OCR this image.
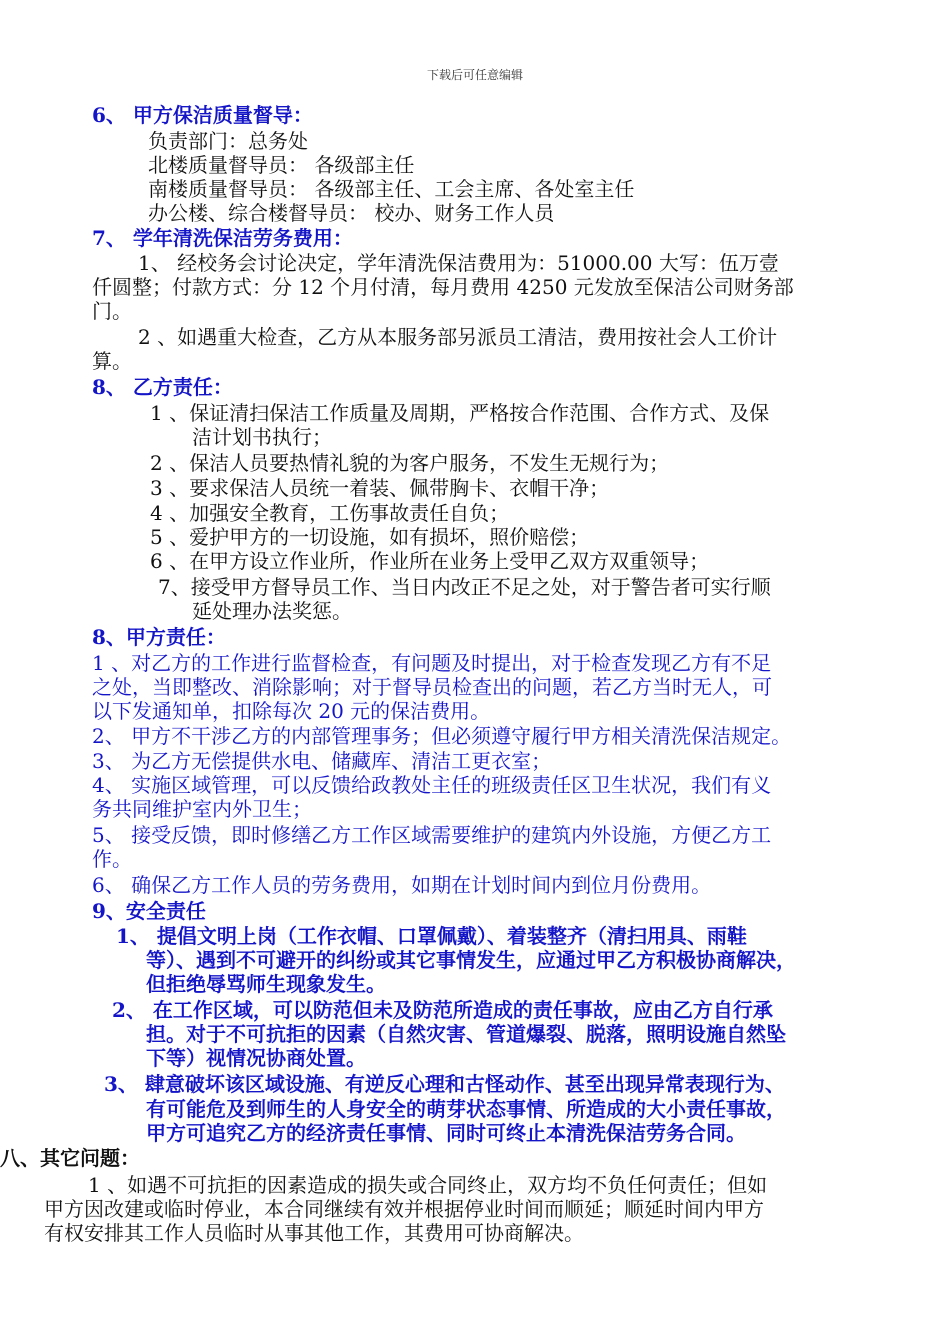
下载后可任意编辑
6、 甲方保洁质量督导：
负责部门：总务处
北楼质量督导员： 各级部主任
南楼质量督导员： 各级部主任、工会主席、各处室主任
办公楼、综合楼督导员： 校办、财务工作人员
7、 学年清洗保洁劳务费用：
1、 经校务会讨论决定，学年清洗保洁费用为：51000.00 大写：伍万壹
仟圆整；付款方式：分 12 个月付清，每月费用 4250 元发放至保洁公司财务部
门。
2 、如遇重大检查，乙方从本服务部另派员工清洁，费用按社会人工价计
算。
8、 乙方责任：
1 、保证清扫保洁工作质量及周期，严格按合作范围、合作方式、及保
洁计划书执行；
2 、保洁人员要热情礼貌的为客户服务，不发生无规行为；
3 、要求保洁人员统一着装、佩带胸卡、衣帽干净；
4 、加强安全教育，工伤事故责任自负；
5 、爱护甲方的一切设施，如有损坏，照价赔偿；
6 、在甲方设立作业所，作业所在业务上受甲乙双方双重领导；
7、接受甲方督导员工作、当日内改正不足之处，对于警告者可实行顺
延处理办法奖惩。
8、甲方责任：
1 、对乙方的工作进行监督检查，有问题及时提出，对于检查发现乙方有不足
之处，当即整改、消除影响；对于督导员检查出的问题，若乙方当时无人，可
以下发通知单，扣除每次 20 元的保洁费用。
2、 甲方不干涉乙方的内部管理事务；但必须遵守履行甲方相关清洗保洁规定。
3、 为乙方无偿提供水电、储藏库、清洁工更衣室；
4、 实施区域管理，可以反馈给政教处主任的班级责任区卫生状况，我们有义
务共同维护室内外卫生；
5、 接受反馈，即时修缮乙方工作区域需要维护的建筑内外设施，方便乙方工
作。
6、 确保乙方工作人员的劳务费用，如期在计划时间内到位月份费用。
9、安全责任
1、 提倡文明上岗（工作衣帽、口罩佩戴）、着装整齐（清扫用具、雨鞋
等）、遇到不可避开的纠纷或其它事情发生，应通过甲乙方积极协商解决，
但拒绝辱骂师生现象发生。
2、 在工作区域，可以防范但未及防范所造成的责任事故，应由乙方自行承
担。对于不可抗拒的因素（自然灾害、管道爆裂、脱落，照明设施自然坠
下等）视情况协商处置。
3、 肆意破坏该区域设施、有逆反心理和古怪动作、甚至出现异常表现行为、
有可能危及到师生的人身安全的萌芽状态事情、所造成的大小责任事故，
甲方可追究乙方的经济责任事情、同时可终止本清洗保洁劳务合同。
八、其它问题：
1 、如遇不可抗拒的因素造成的损失或合同终止，双方均不负任何责任；但如
甲方因改建或临时停业，本合同继续有效并根据停业时间而顺延；顺延时间内甲方
有权安排其工作人员临时从事其他工作，其费用可协商解决。
